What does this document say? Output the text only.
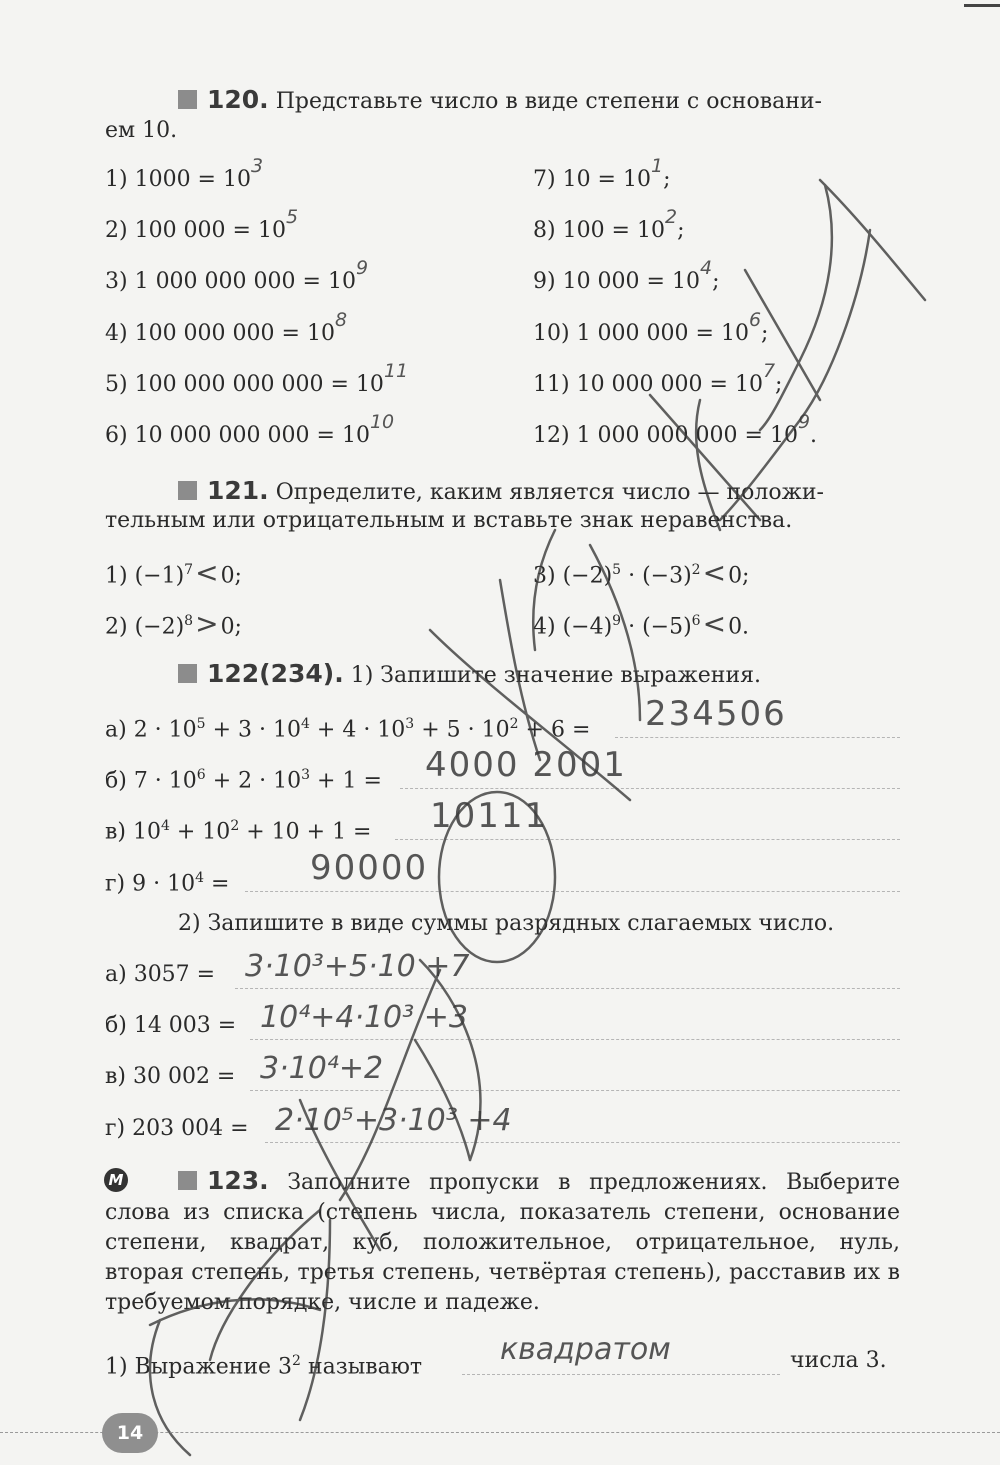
120. Представьте число в виде степени с основани-
ем 10.
1) 1000 = 103
2) 100 000 = 105
3) 1 000 000 000 = 109
4) 100 000 000 = 108
5) 100 000 000 000 = 1011
6) 10 000 000 000 = 1010
7) 10 = 101;
8) 100 = 102;
9) 10 000 = 104;
10) 1 000 000 = 106;
11) 10 000 000 = 107;
12) 1 000 000 000 = 109.
121. Определите, каким является число — положи-
тельным или отрицательным и вставьте знак неравенства.
1) $(-1)^7<0$;
2) $(-2)^8>0$;
3) $(-2)^5 \cdot (-3)^2<0$;
4) $(-4)^9 \cdot (-5)^6<0$.
122(234). 1) Запишите значение выражения.
а) $2 \cdot 10^5 + 3 \cdot 10^4 + 4 \cdot 10^3 + 5 \cdot 10^2 + 6 = 234506$
б) $7 \cdot 10^6 + 2 \cdot 10^3 + 1 = 4000$ 2001
в) $10^4 + 10^2 + 10 + 1 = 10111$
г) $9 \cdot 10^4 = 90000$
2) Запишите в виде суммы разрядных слагаемых число.
а) 3057 = 3·10³+5·10 +7
б) 14 003 = 10⁴+4·10³ +3
в) 30 002 = 3·10⁴+2
г) 203 004 = 2·10⁵+3·10³ +4
М	123. Заполните пропуски в предложениях. Выберите слова из списка (степень числа, показатель степени, основание степени, квадрат, куб, положительное, отрицательное, нуль, вторая степень, третья степень, четвёртая степень), расставив их в требуемом порядке, числе и падеже.
1) Выражение $3^2$ называют	квадратом	числа 3.
14
